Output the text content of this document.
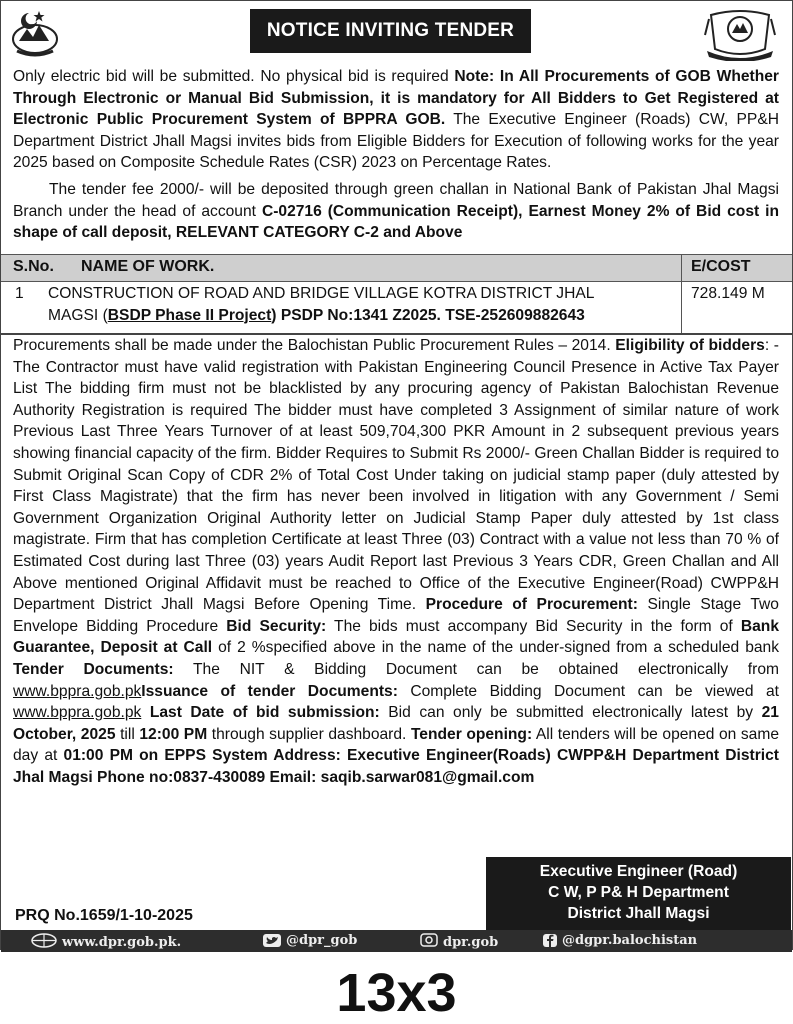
NOTICE INVITING TENDER
Only electric bid will be submitted. No physical bid is required Note: In All Procurements of GOB Whether Through Electronic or Manual Bid Submission, it is mandatory for All Bidders to Get Registered at Electronic Public Procurement System of BPPRA GOB. The Executive Engineer (Roads) CW, PP&H Department District Jhall Magsi invites bids from Eligible Bidders for Execution of following works for the year 2025 based on Composite Schedule Rates (CSR) 2023 on Percentage Rates.
The tender fee 2000/- will be deposited through green challan in National Bank of Pakistan Jhal Magsi Branch under the head of account C-02716 (Communication Receipt), Earnest Money 2% of Bid cost in shape of call deposit, RELEVANT CATEGORY C-2 and Above
S.No. NAME OF WORK.	E/COST
1 CONSTRUCTION OF ROAD AND BRIDGE VILLAGE KOTRA DISTRICT JHAL
MAGSI (BSDP Phase II Project) PSDP No:1341 Z2025. TSE-252609882643
728.149 M
Procurements shall be made under the Balochistan Public Procurement Rules – 2014. Eligibility of bidders: - The Contractor must have valid registration with Pakistan Engineering Council Presence in Active Tax Payer List The bidding firm must not be blacklisted by any procuring agency of Pakistan Balochistan Revenue Authority Registration is required The bidder must have completed 3 Assignment of similar nature of work Previous Last Three Years Turnover of at least 509,704,300 PKR Amount in 2 subsequent previous years showing financial capacity of the firm. Bidder Requires to Submit Rs 2000/- Green Challan Bidder is required to Submit Original Scan Copy of CDR 2% of Total Cost Under taking on judicial stamp paper (duly attested by First Class Magistrate) that the firm has never been involved in litigation with any Government / Semi Government Organization Original Authority letter on Judicial Stamp Paper duly attested by 1st class magistrate. Firm that has completion Certificate at least Three (03) Contract with a value not less than 70 % of Estimated Cost during last Three (03) years Audit Report last Previous 3 Years CDR, Green Challan and All Above mentioned Original Affidavit must be reached to Office of the Executive Engineer(Road) CWPP&H Department District Jhall Magsi Before Opening Time. Procedure of Procurement: Single Stage Two Envelope Bidding Procedure Bid Security: The bids must accompany Bid Security in the form of Bank Guarantee, Deposit at Call of 2 %specified above in the name of the under-signed from a scheduled bank Tender Documents: The NIT & Bidding Document can be obtained electronically from www.bppra.gob.pkIssuance of tender Documents: Complete Bidding Document can be viewed at www.bppra.gob.pk Last Date of bid submission: Bid can only be submitted electronically latest by 21 October, 2025 till 12:00 PM through supplier dashboard. Tender opening: All tenders will be opened on same day at 01:00 PM on EPPS System Address: Executive Engineer(Roads) CWPP&H Department District Jhal Magsi Phone no:0837-430089 Email: saqib.sarwar081@gmail.com
Executive Engineer (Road)
C W, P P& H Department
District Jhall Magsi
PRQ No.1659/1-10-2025
www.dpr.gob.pk.	@dpr_gob	dpr.gob	@dgpr.balochistan
13x3
